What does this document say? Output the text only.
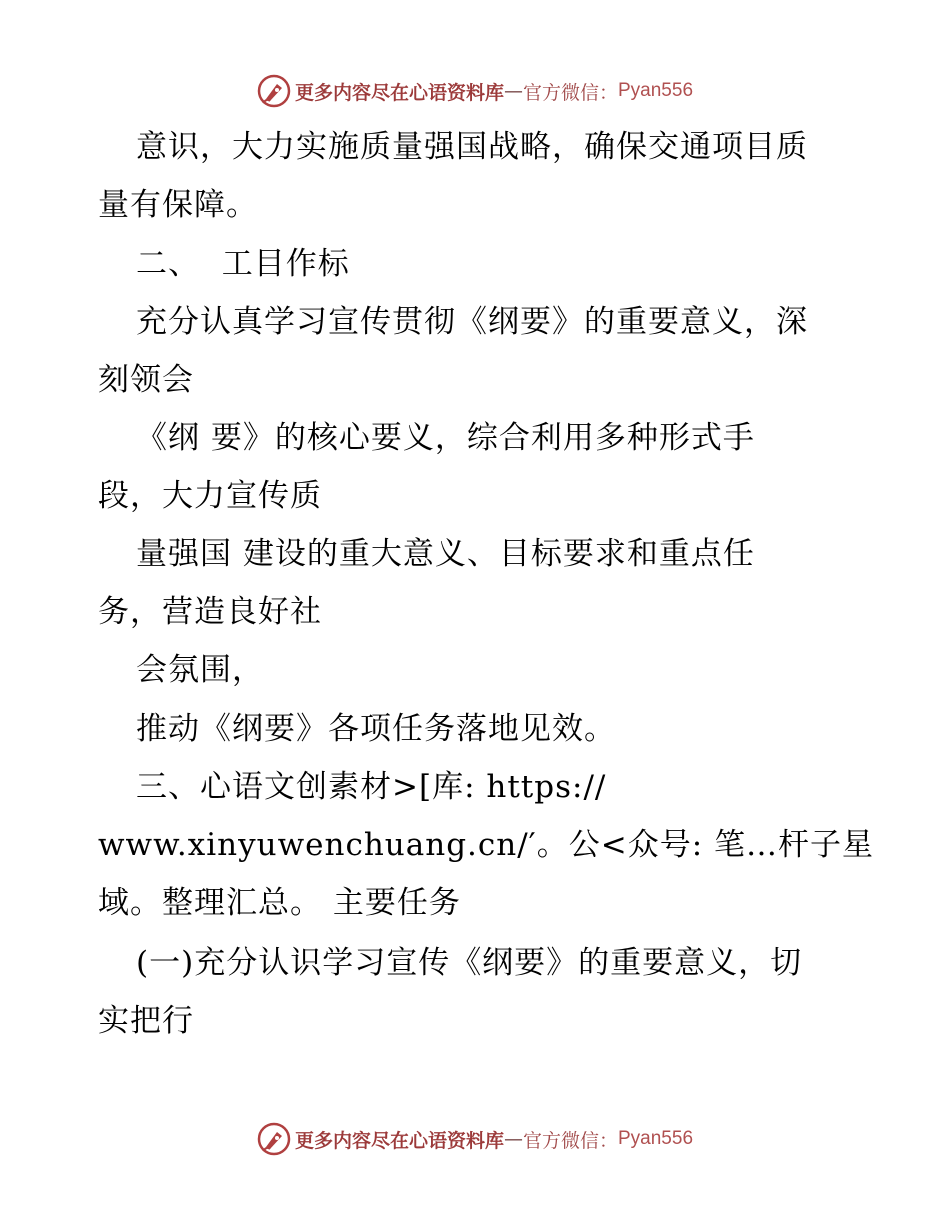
更多内容尽在心语资料库 — 官方微信： Pyan556
意识，大力实施质量强国战略，确保交通项目质
量有保障。
二、  工目作标
充分认真学习宣传贯彻《纲要》的重要意义，深
刻领会
《纲 要》的核心要义，综合利用多种形式手
段，大力宣传质
量强国 建设的重大意义、目标要求和重点任
务，营造良好社
会氛围，
推动《纲要》各项任务落地见效。
三、心语文创素材>[库: https://
www.xinyuwenchuang.cn/′。公<众号: 笔…杆子星
域。整理汇总。 主要任务
(一)充分认识学习宣传《纲要》的重要意义，切
实把行
更多内容尽在心语资料库 — 官方微信： Pyan556
